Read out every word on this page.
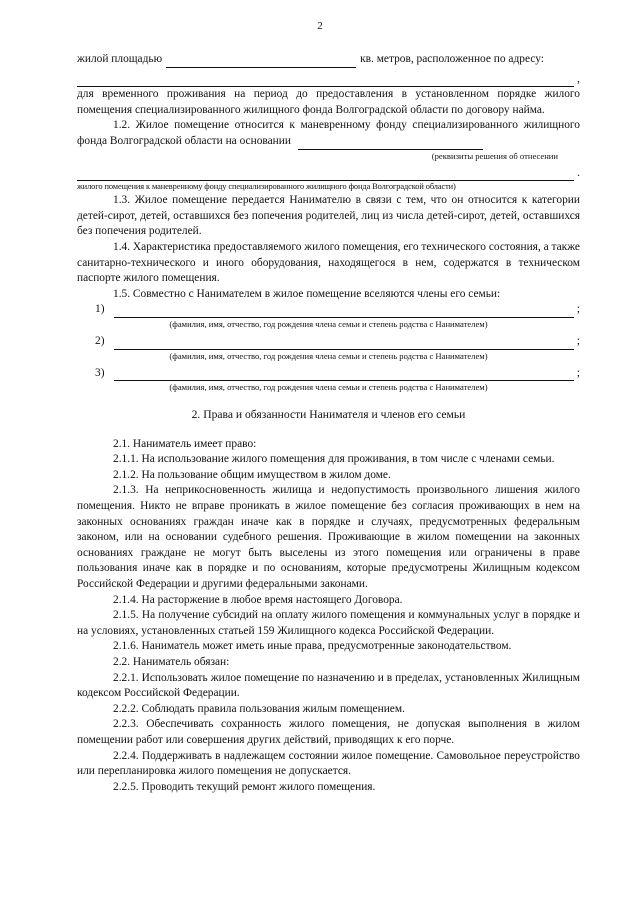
2
жилой площадью	кв. метров, расположенное по адресу:
,

для временного проживания на период до предоставления в установленном порядке жилого помещения специализированного жилищного фонда Волгоградской области по договору найма.

1.2. Жилое помещение относится к маневренному фонду специализированного жилищного фонда Волгоградской области на основании

(реквизиты решения об отнесении
.
жилого помещения к маневренному фонду специализированного жилищного фонда Волгоградской области)

1.3. Жилое помещение передается Нанимателю в связи с тем, что он относится к категории детей-сирот, детей, оставшихся без попечения родителей, лиц из числа детей-сирот, детей, оставшихся без попечения родителей.

1.4. Характеристика предоставляемого жилого помещения, его технического состояния, а также санитарно-технического и иного оборудования, находящегося в нем, содержатся в техническом паспорте жилого помещения.

1.5. Совместно с Нанимателем в жилое помещение вселяются члены его семьи:

1)	;
(фамилия, имя, отчество, год рождения члена семьи и степень родства с Нанимателем)
2)	;
(фамилия, имя, отчество, год рождения члена семьи и степень родства с Нанимателем)
3)	;
(фамилия, имя, отчество, год рождения члена семьи и степень родства с Нанимателем)
2. Права и обязанности Нанимателя и членов его семьи

2.1. Наниматель имеет право:

2.1.1. На использование жилого помещения для проживания, в том числе с членами семьи.

2.1.2. На пользование общим имуществом в жилом доме.

2.1.3. На неприкосновенность жилища и недопустимость произвольного лишения жилого помещения. Никто не вправе проникать в жилое помещение без согласия проживающих в нем на законных основаниях граждан иначе как в порядке и случаях, предусмотренных федеральным законом, или на основании судебного решения. Проживающие в жилом помещении на законных основаниях граждане не могут быть выселены из этого помещения или ограничены в праве пользования иначе как в порядке и по основаниям, которые предусмотрены Жилищным кодексом Российской Федерации и другими федеральными законами.

2.1.4. На расторжение в любое время настоящего Договора.

2.1.5. На получение субсидий на оплату жилого помещения и коммунальных услуг в порядке и на условиях, установленных статьей 159 Жилищного кодекса Российской Федерации.

2.1.6. Наниматель может иметь иные права, предусмотренные законодательством.

2.2. Наниматель обязан:

2.2.1. Использовать жилое помещение по назначению и в пределах, установленных Жилищным кодексом Российской Федерации.

2.2.2. Соблюдать правила пользования жилым помещением.

2.2.3. Обеспечивать сохранность жилого помещения, не допуская выполнения в жилом помещении работ или совершения других действий, приводящих к его порче.

2.2.4. Поддерживать в надлежащем состоянии жилое помещение. Самовольное переустройство или перепланировка жилого помещения не допускается.

2.2.5. Проводить текущий ремонт жилого помещения.
